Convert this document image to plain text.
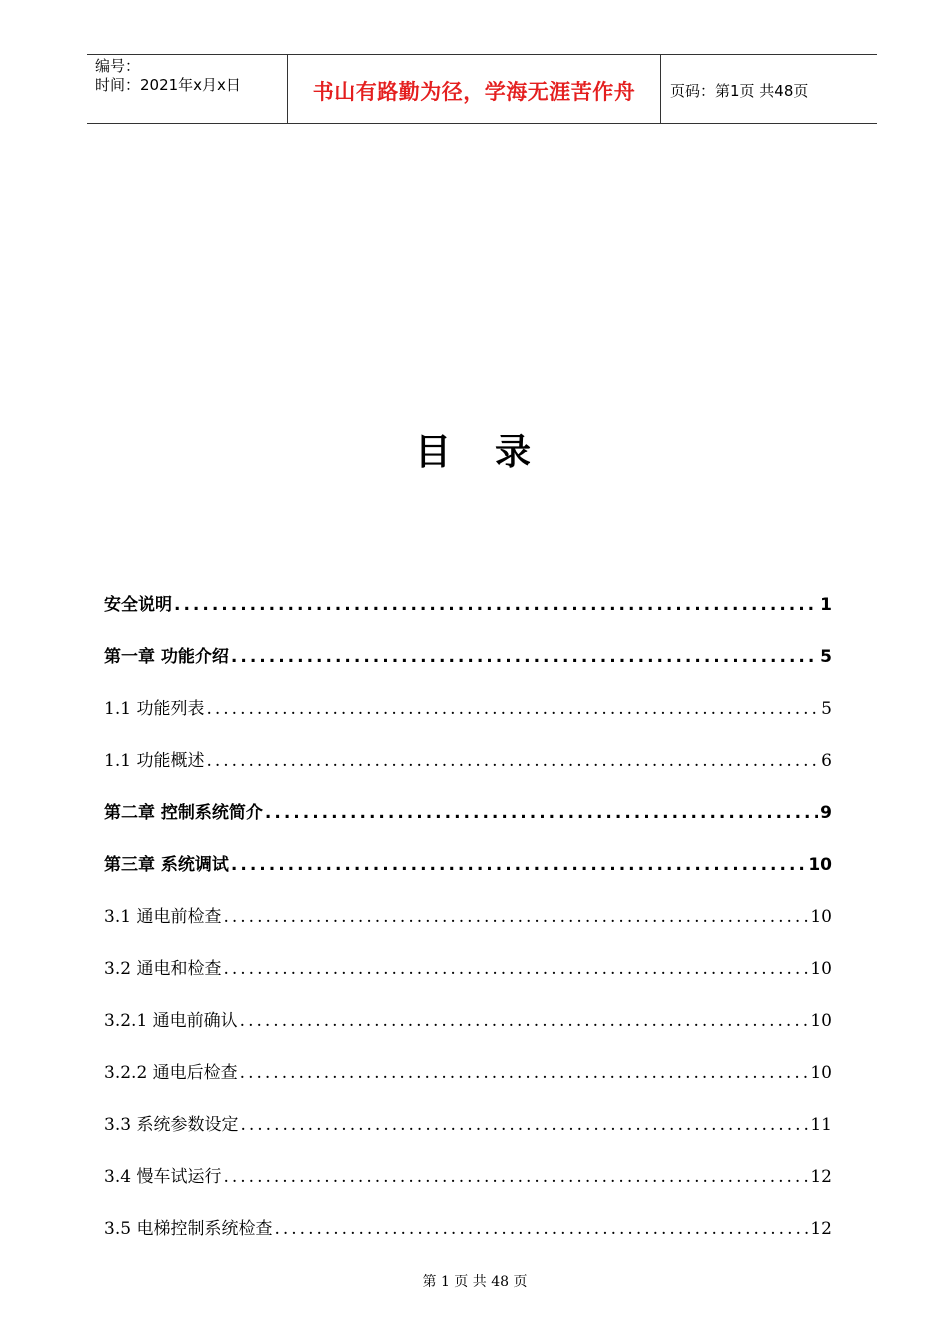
编号：
时间：2021年x月x日	书山有路勤为径，学海无涯苦作舟	页码：第1页 共48页
目录
安全说明 .....	1
第一章 功能介绍 .....	5
1.1 功能列表 .....	5
1.1 功能概述 .....	6
第二章 控制系统简介 .....	9
第三章 系统调试 .....	10
3.1 通电前检查 .....	10
3.2 通电和检查 .....	10
3.2.1 通电前确认 .....	10
3.2.2 通电后检查 .....	10
3.3 系统参数设定 .....	11
3.4 慢车试运行 .....	12
3.5 电梯控制系统检查 .....	12
第 1 页 共 48 页
